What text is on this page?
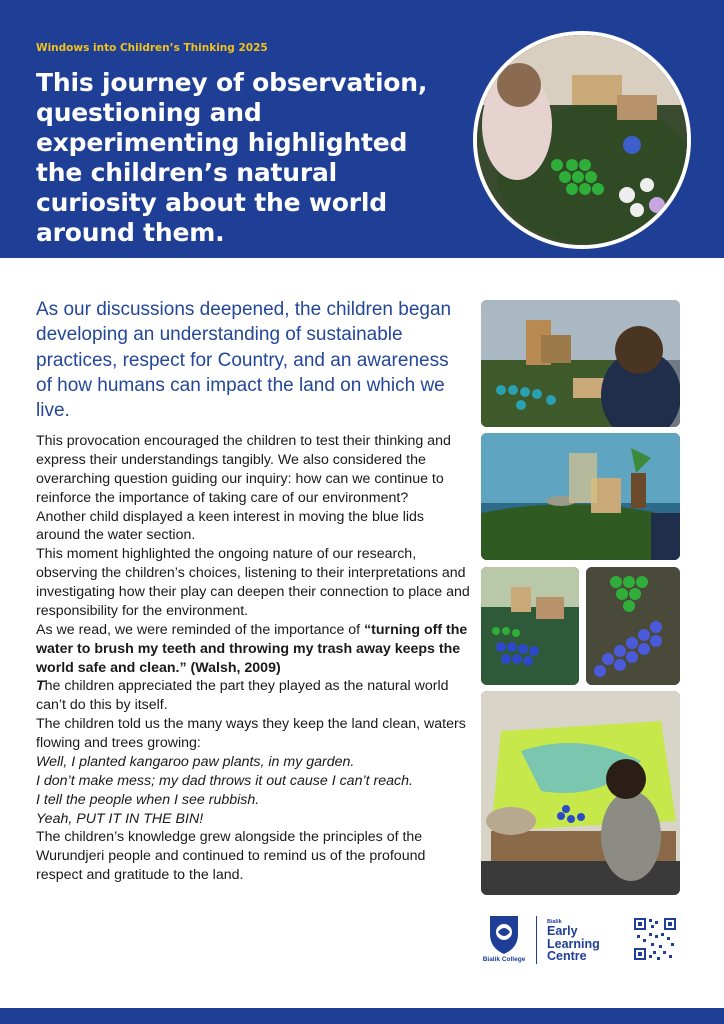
Windows into Children’s Thinking 2025

This journey of observation, questioning and experimenting highlighted the children’s natural curiosity about the world around them.

As our discussions deepened, the children began developing an understanding of sustainable practices, respect for Country, and an awareness of how humans can impact the land on which we live.

This provocation encouraged the children to test their thinking and express their understandings tangibly. We also considered the overarching question guiding our inquiry: how can we continue to reinforce the importance of taking care of our environment?

Another child displayed a keen interest in moving the blue lids around the water section.

This moment highlighted the ongoing nature of our research, observing the children’s choices, listening to their interpretations and investigating how their play can deepen their connection to place and responsibility for the environment.

As we read, we were reminded of the importance of “turning off the water to brush my teeth and throwing my trash away keeps the world safe and clean.” (Walsh, 2009)

The children appreciated the part they played as the natural world can’t do this by itself.

The children told us the many ways they keep the land clean, waters flowing and trees growing:

Well, I planted kangaroo paw plants, in my garden.

I don’t make mess; my dad throws it out cause I can’t reach.

I tell the people when I see rubbish.

Yeah, PUT IT IN THE BIN!

The children’s knowledge grew alongside the principles of the Wurundjeri people and continued to remind us of the profound respect and gratitude to the land.

Bialik College
Bialik
Early
Learning
Centre
